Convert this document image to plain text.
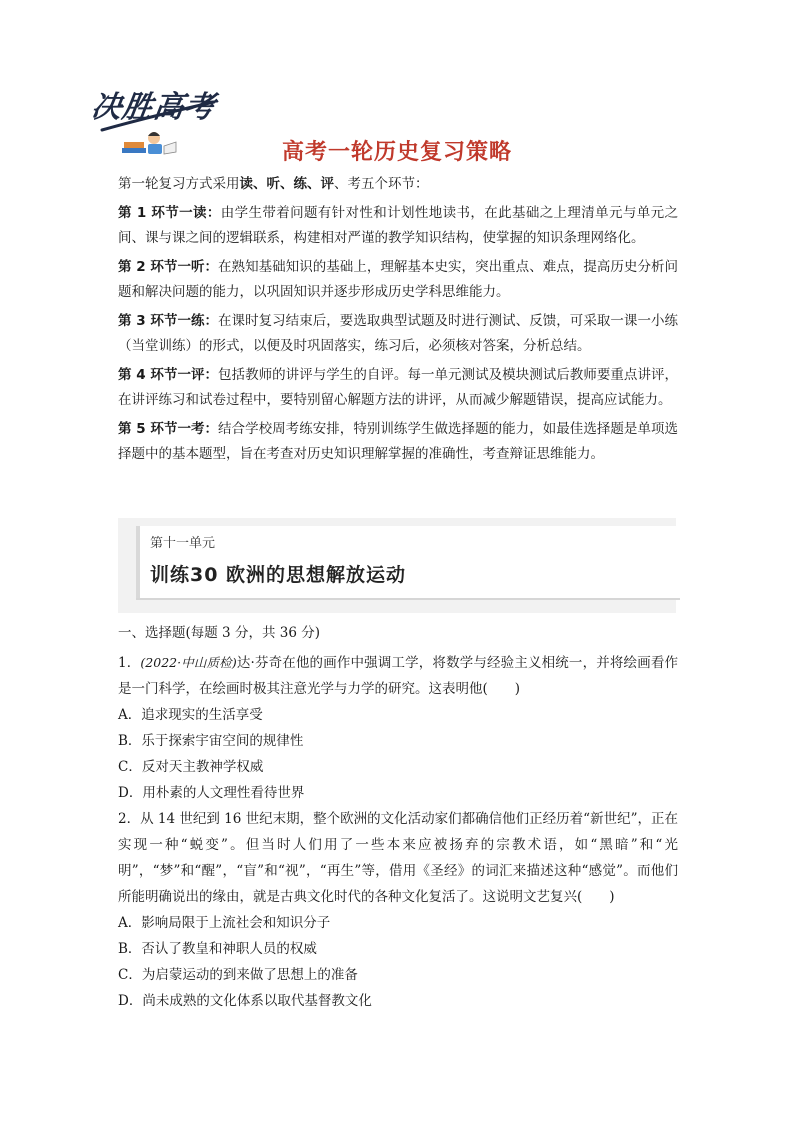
决胜高考
高考一轮历史复习策略

第一轮复习方式采用读、听、练、评、考五个环节：

第 1 环节一读：由学生带着问题有针对性和计划性地读书，在此基础之上理清单元与单元之间、课与课之间的逻辑联系，构建相对严谨的教学知识结构，使掌握的知识条理网络化。

第 2 环节一听：在熟知基础知识的基础上，理解基本史实，突出重点、难点，提高历史分析问题和解决问题的能力，以巩固知识并逐步形成历史学科思维能力。

第 3 环节一练：在课时复习结束后，要选取典型试题及时进行测试、反馈，可采取一课一小练（当堂训练）的形式，以便及时巩固落实，练习后，必须核对答案，分析总结。

第 4 环节一评：包括教师的讲评与学生的自评。每一单元测试及模块测试后教师要重点讲评，在讲评练习和试卷过程中，要特别留心解题方法的讲评，从而减少解题错误，提高应试能力。

第 5 环节一考：结合学校周考练安排，特别训练学生做选择题的能力，如最佳选择题是单项选择题中的基本题型，旨在考查对历史知识理解掌握的准确性，考查辩证思维能力。

第十一单元
训练30 欧洲的思想解放运动

一、选择题(每题 3 分，共 36 分)

1．(2022·中山质检)达·芬奇在他的画作中强调工学，将数学与经验主义相统一，并将绘画看作是一门科学，在绘画时极其注意光学与力学的研究。这表明他(　　)

A．追求现实的生活享受

B．乐于探索宇宙空间的规律性

C．反对天主教神学权威

D．用朴素的人文理性看待世界

2．从 14 世纪到 16 世纪末期，整个欧洲的文化活动家们都确信他们正经历着“新世纪”，正在实现一种“蜕变”。但当时人们用了一些本来应被扬弃的宗教术语，如“黑暗”和“光明”，“梦”和“醒”，“盲”和“视”，“再生”等，借用《圣经》的词汇来描述这种“感觉”。而他们所能明确说出的缘由，就是古典文化时代的各种文化复活了。这说明文艺复兴(　　)

A．影响局限于上流社会和知识分子

B．否认了教皇和神职人员的权威

C．为启蒙运动的到来做了思想上的准备

D．尚未成熟的文化体系以取代基督教文化
